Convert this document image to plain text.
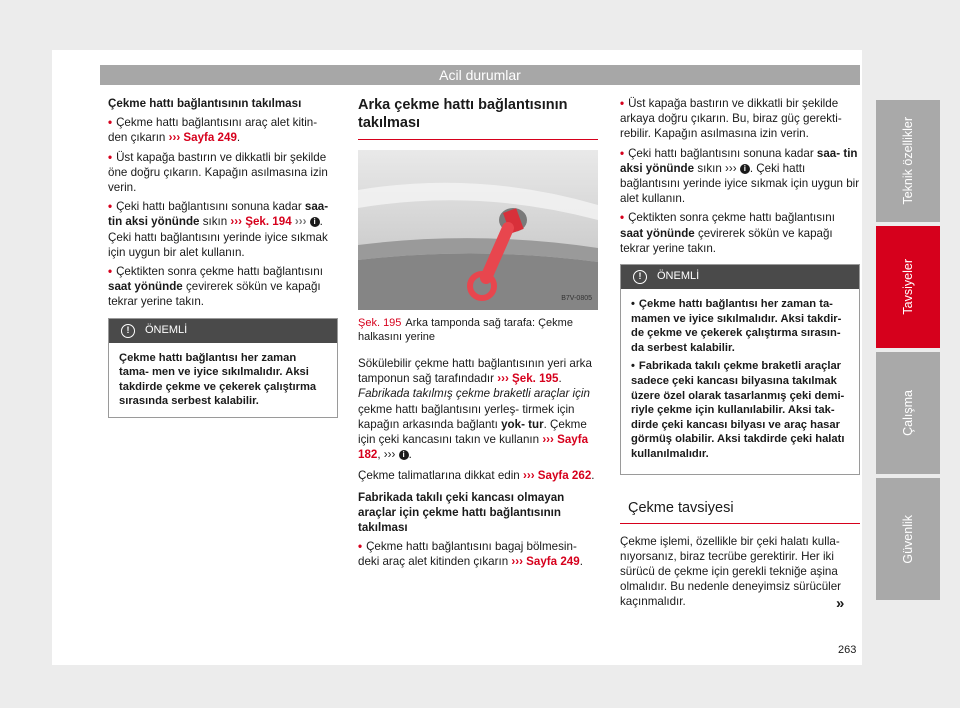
Acil durumlar
Çekme hattı bağlantısının takılması
• Çekme hattı bağlantısını araç alet kitin- den çıkarın ››› Sayfa 249.
• Üst kapağa bastırın ve dikkatli bir şekilde öne doğru çıkarın. Kapağın asılmasına izin verin.
• Çeki hattı bağlantısını sonuna kadar saa- tin aksi yönünde sıkın ››› Şek. 194 ››› i . Çeki hattı bağlantısını yerinde iyice sıkmak için uygun bir alet kullanın.
• Çektikten sonra çekme hattı bağlantısını saat yönünde çevirerek sökün ve kapağı tekrar yerine takın.
!	ÖNEMLİ
Çekme hattı bağlantısı her zaman tama- men ve iyice sıkılmalıdır. Aksi takdirde çekme ve çekerek çalıştırma sırasında serbest kalabilir.
Arka çekme hattı bağlantısının takılması
B7V-0805
Şek. 195 Arka tamponda sağ tarafa: Çekme halkasını yerine

Sökülebilir çekme hattı bağlantısının yeri arka tamponun sağ tarafındadır ››› Şek. 195. Fabrikada takılmış çekme braketli araçlar için çekme hattı bağlantısını yerleş- tirmek için kapağın arkasında bağlantı yok- tur. Çekme için çeki kancasını takın ve kullanın ››› Sayfa 182, ››› i .

Çekme talimatlarına dikkat edin ››› Sayfa 262.

Fabrikada takılı çeki kancası olmayan araçlar için çekme hattı bağlantısının takılması
• Çekme hattı bağlantısını bagaj bölmesin- deki araç alet kitinden çıkarın ››› Sayfa 249.
• Üst kapağa bastırın ve dikkatli bir şekilde arkaya doğru çıkarın. Bu, biraz güç gerekti- rebilir. Kapağın asılmasına izin verin.
• Çeki hattı bağlantısını sonuna kadar saa- tin aksi yönünde sıkın ››› i . Çeki hattı bağlantısını yerinde iyice sıkmak için uygun bir alet kullanın.
• Çektikten sonra çekme hattı bağlantısını saat yönünde çevirerek sökün ve kapağı tekrar yerine takın.
!	ÖNEMLİ
• Çekme hattı bağlantısı her zaman ta- mamen ve iyice sıkılmalıdır. Aksi takdir- de çekme ve çekerek çalıştırma sırasın- da serbest kalabilir.
• Fabrikada takılı çekme braketli araçlar sadece çeki kancası bilyasına takılmak üzere özel olarak tasarlanmış çeki demi- riyle çekme için kullanılabilir. Aksi tak- dirde çeki kancası bilyası ve araç hasar görmüş olabilir. Aksi takdirde çeki halatı kullanılmalıdır.
Çekme tavsiyesi

Çekme işlemi, özellikle bir çeki halatı kulla- nıyorsanız, biraz tecrübe gerektirir. Her iki sürücü de çekme için gerekli tekniğe aşina olmalıdır. Bu nedenle deneyimsiz sürücüler kaçınmalıdır.	»
Teknik özellikler
Tavsiyeler
Çalışma
Güvenlik
263
